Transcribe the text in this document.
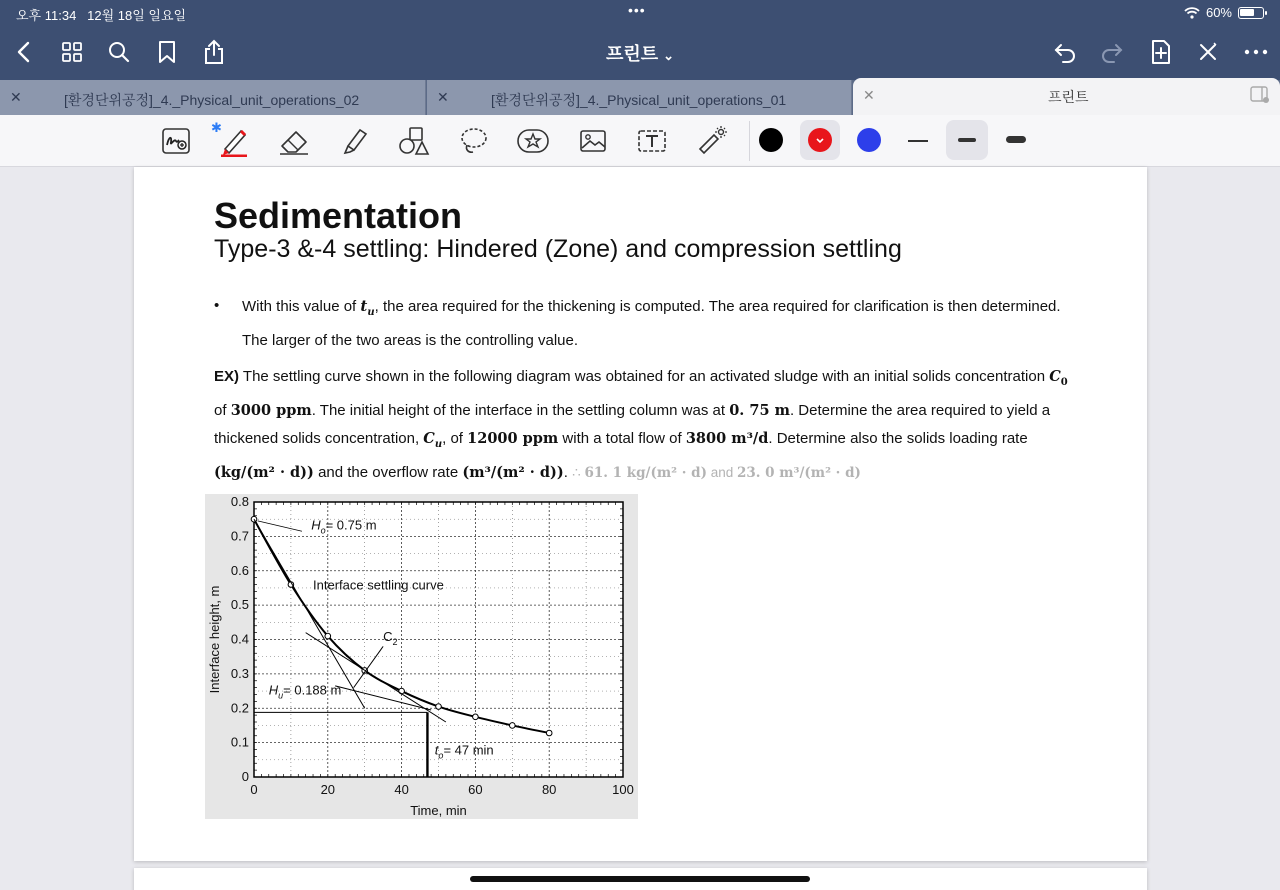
오후 11:34 12월 18일 일요일	•••	60%
프린트 ⌄
✕	[환경단위공정]_4._Physical_unit_operations_02	✕	[환경단위공정]_4._Physical_unit_operations_01	✕	프린트
✱
Sedimentation
Type-3 &-4 settling: Hindered (Zone) and compression settling
• With this value of $t_u$, the area required for the thickening is computed. The area required for clarification is then determined. The larger of the two areas is the controlling value.
EX) The settling curve shown in the following diagram was obtained for an activated sludge with an initial solids concentration $C_0$ of 3000 ppm. The initial height of the interface in the settling column was at 0. 75 m. Determine the area required to yield a thickened solids concentration, $C_u$, of 12000 ppm with a total flow of 3800 m³/d. Determine also the solids loading rate (kg/(m² · d)) and the overflow rate (m³/(m² · d)). ∴ 61. 1 kg/(m² · d) and 23. 0 m³/(m² · d)
0	20	40	60	80	100
0
0.1
0.2
0.3
0.4
0.5
0.6
0.7
0.8
Time, min
Interface height, m
$H_o= 0.75$ m
$H_u= 0.188$ m
$t_o= 47$ min
$C_2$
Interface settling curve
